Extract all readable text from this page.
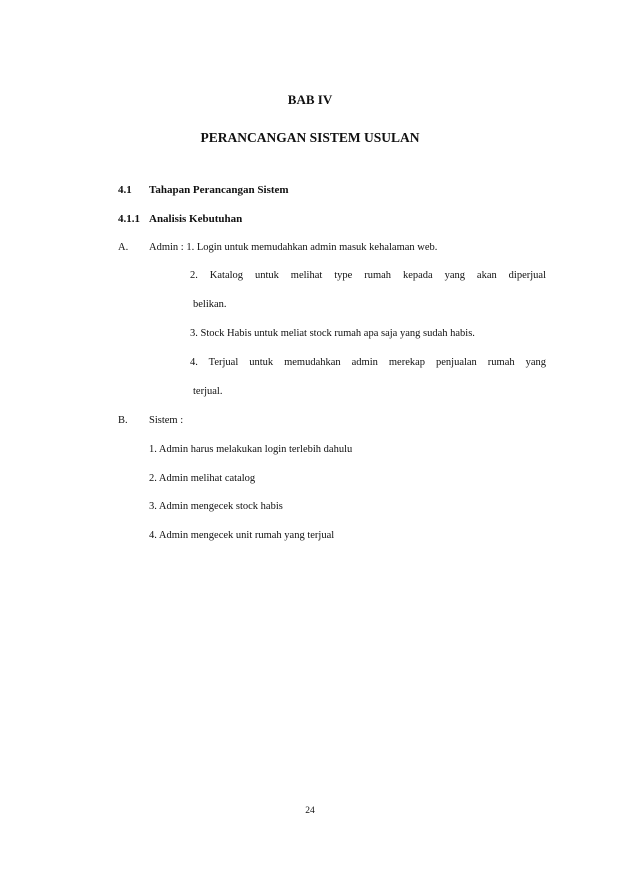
BAB IV
PERANCANGAN SISTEM USULAN
4.1 Tahapan Perancangan Sistem
4.1.1 Analisis Kebutuhan
A. Admin : 1. Login untuk memudahkan admin masuk kehalaman web.
2. Katalog untuk melihat type rumah kepada yang akan diperjual
belikan.
3. Stock Habis untuk meliat stock rumah apa saja yang sudah habis.
4. Terjual untuk memudahkan admin merekap penjualan rumah yang
terjual.
B. Sistem :
1. Admin harus melakukan login terlebih dahulu
2. Admin melihat catalog
3. Admin mengecek stock habis
4. Admin mengecek unit rumah yang terjual
24
